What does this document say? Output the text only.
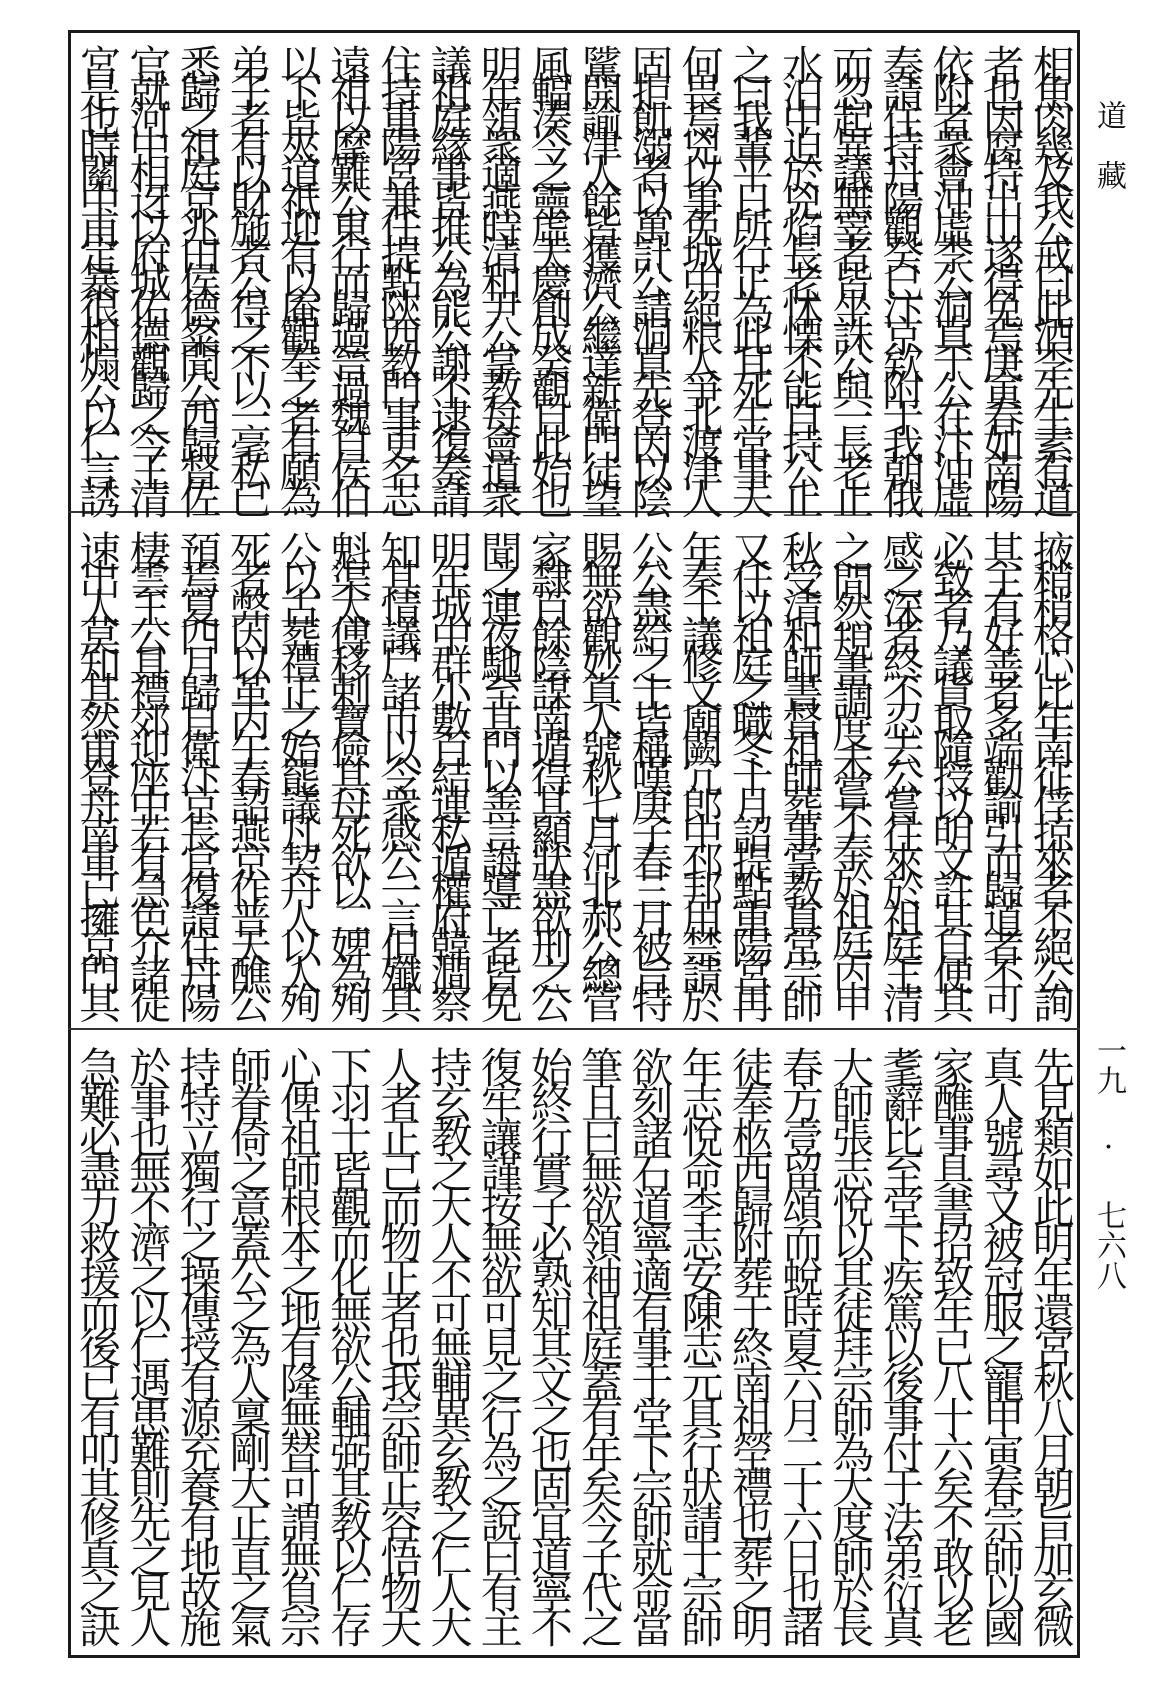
道　藏
一九 · 七六八
相魚肉幾及我公戒曰此酒李先生素有道
者也因腐持出山遂得免焉庚寅春如南陽
依附者衆會沖虛李公洞真于公在汴沖虛
奏請住持丹陽觀癸巳汴京欸附于我朝俄
而忽起異議無辜者皆坐誅公與一長老止
水泊中迫於兇焰長老怵慄不能自持公止
之曰我輩平日所行正為此耳死生常事夫
何畏焉兇以事免城中絕粮人爭北渡津人
固拒飢溺者以萬計公請洞真先登因以陰
騭開諭津人餘皆獲濟公繼達新衛門徒望
風輻湊今之靈虛天慶創成癸觀自此始也
明年領衆適燕時清和尹公掌教每會道衆
議祖庭緣事皆推公為能公謝不逮復奏請
住持重陽宮兼任提點陝西教門事更名志
遠祖以摩難公東行而歸過晉過魏自侯伯
以下皆夾道祗迎有以庵觀奉之者有願為
弟子者有以財施者公得之不以一毫私已
悉歸之祖庭京兆田侯德粲聞公西歸督佐
官就河中相迓以府城佑德觀歸之今王清
宮是也時關中甫定暴很相煽公以仁言誘
掖稍稍格心比年南征俘掠來者不絕公詢
其主有好善者多端勸諭引而歸道者不可
必致者乃議貨取隨授以明文許其自便其
感之深者終不忍去公嘗往來於祖庭王清
之間然規畫調度未嘗不奉於祖庭丙申
秋受清和師書督祖師葬事掌教真常宗師
又任以祖庭之職冬十月詔提點重陽宮再
年秦士議修文廟闕冗郎中邳邦用禁請於
公公盡給之士皆稱嘆庚子春三月被旨特
賜無欲觀妙真人號秋七月河北郝公總管
家隸百餘陰謀南遁得其顯狀盡欲刑之公
聞之連夜馳至其門以善言誨導亡者皆免
明年城中群小數百結連私遁權府韓澗察
知其情議尸諸市以令衆感公一言但殲其
魁渠太傅移剌寶儉其母死欲以二婢為殉
公以古葬禮正之始罷議凡契丹人以人殉
死者弊因以革丙午春詔燕京作普天醮公
預焉夏四月歸自衛汴京長官復請住丹陽
棲雲王公具禮郊迎座中若有急色介諸徒
速出人莫知其然甫登舟南軍已擁京門其
先見類如此明年還宮秋八月朝旨加玄微
真人號尋又被冠服之寵甲寅春宗師以國
家醮事具書招致年已八十六矣不敢以老
耄辭比至堂下疾篤以後事付于法弟衍真
大師張志悅以其徒拜宗師為大度師於長
春方壹留頌而蛻時夏六月二十六日也諸
徒奉柩西歸附葬于終南祖塋禮也葬之明
年志悅命李志安陳志元具行狀請于宗師
欲刻諸石道寧適有事于堂下宗師就命當
筆且曰無欲領袖祖庭蓋有年矣今子代之
始終行實子必熟知其文之也固宜道寧不
復牢讓謹按無欲可見之行為之說曰有主
持玄教之大人不可無輔異玄教之仁人大
人者正己而物正者也我宗師正容悟物天
下羽士皆觀而化無欲公輔弼其教以仁存
心俾祖師根本之地有隆無替可謂無負宗
師眷倚之意蓋公之為人稟剛大正直之氣
持特立獨行之操傳授有源充養有地故施
於事也無不濟之以仁遇患難則先之見人
急難必盡力救援而後已有叩其修真之訣
